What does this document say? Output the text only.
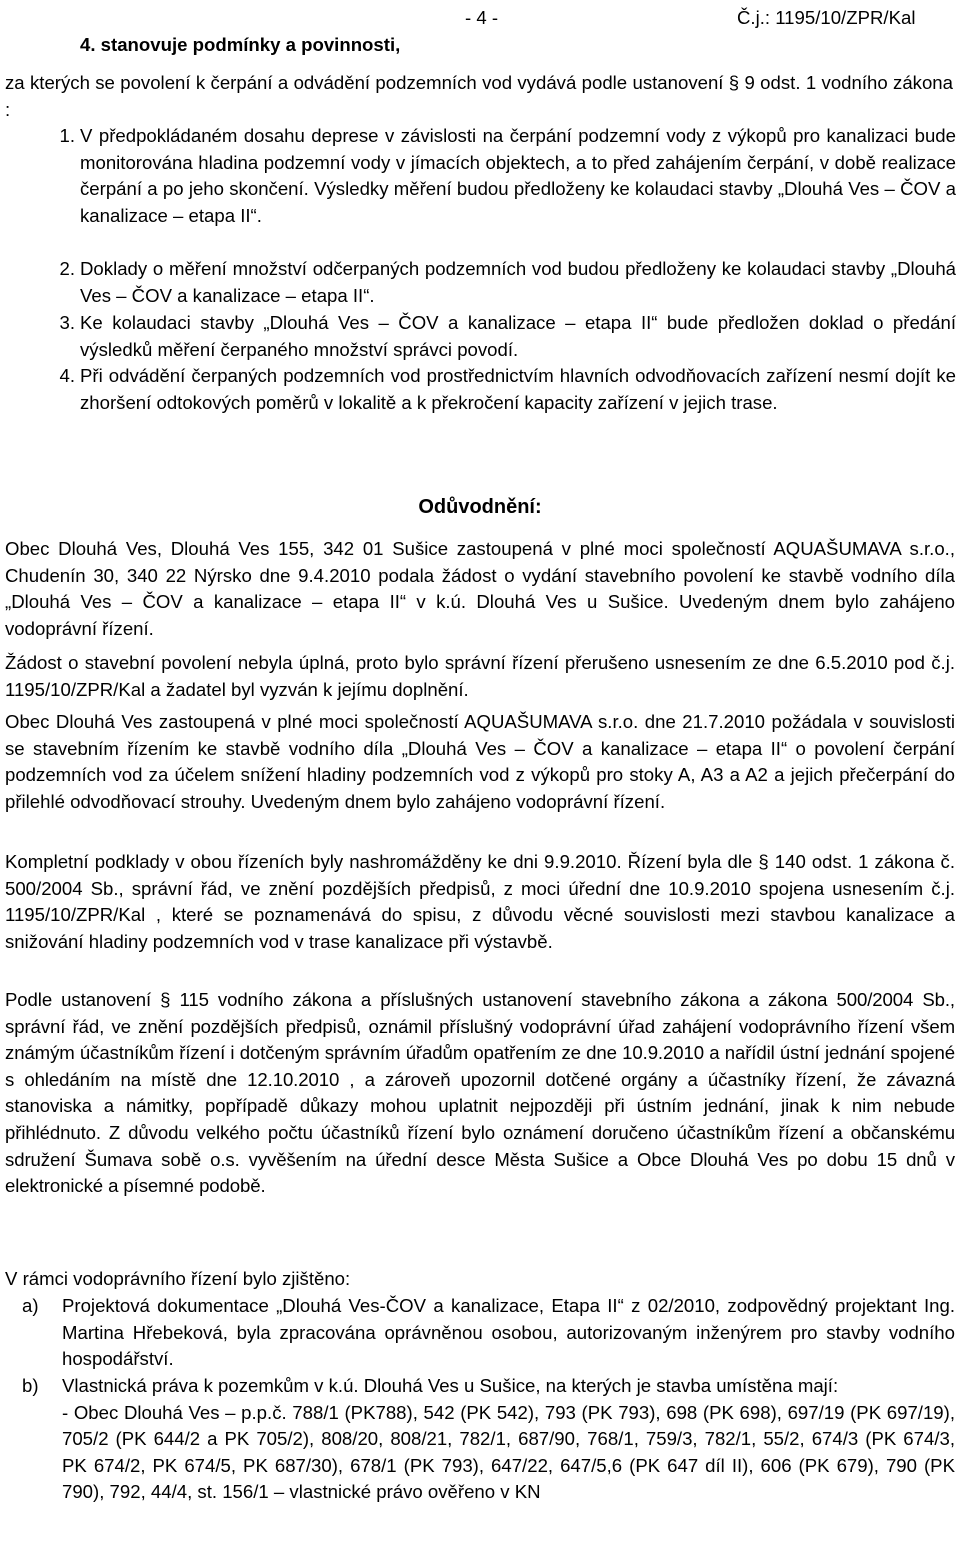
- 4 -	Č.j.: 1195/10/ZPR/Kal
4. stanovuje podmínky a povinnosti,

za kterých se povolení k čerpání a odvádění podzemních vod vydává podle ustanovení § 9 odst. 1 vodního zákona :

1. V předpokládaném dosahu deprese v závislosti na čerpání podzemní vody z výkopů pro kanalizaci bude monitorována hladina podzemní vody v jímacích objektech, a to před zahájením čerpání, v době realizace čerpání a po jeho skončení. Výsledky měření budou předloženy ke kolaudaci stavby „Dlouhá Ves – ČOV a kanalizace – etapa II“.

2. Doklady o měření množství odčerpaných podzemních vod budou předloženy ke kolaudaci stavby „Dlouhá Ves – ČOV a kanalizace – etapa II“.

3. Ke kolaudaci stavby „Dlouhá Ves – ČOV a kanalizace – etapa II“ bude předložen doklad o předání výsledků měření čerpaného množství správci povodí.

4. Při odvádění čerpaných podzemních vod prostřednictvím hlavních odvodňovacích zařízení nesmí dojít ke zhoršení odtokových poměrů v lokalitě a k překročení kapacity zařízení v jejich trase.

Odůvodnění:

Obec Dlouhá Ves, Dlouhá Ves 155, 342 01 Sušice zastoupená v plné moci společností AQUAŠUMAVA s.r.o., Chudenín 30, 340 22 Nýrsko dne 9.4.2010 podala žádost o vydání stavebního povolení ke stavbě vodního díla „Dlouhá Ves – ČOV a kanalizace – etapa II“ v k.ú. Dlouhá Ves u Sušice. Uvedeným dnem bylo zahájeno vodoprávní řízení.

Žádost o stavební povolení nebyla úplná, proto bylo správní řízení přerušeno usnesením ze dne 6.5.2010 pod č.j. 1195/10/ZPR/Kal a žadatel byl vyzván k jejímu doplnění.

Obec Dlouhá Ves zastoupená v plné moci společností AQUAŠUMAVA s.r.o. dne 21.7.2010 požádala v souvislosti se stavebním řízením ke stavbě vodního díla „Dlouhá Ves – ČOV a kanalizace – etapa II“ o povolení čerpání podzemních vod za účelem snížení hladiny podzemních vod z výkopů pro stoky A, A3 a A2 a jejich přečerpání do přilehlé odvodňovací strouhy. Uvedeným dnem bylo zahájeno vodoprávní řízení.

Kompletní podklady v obou řízeních byly nashromážděny ke dni 9.9.2010. Řízení byla dle § 140 odst. 1 zákona č. 500/2004 Sb., správní řád, ve znění pozdějších předpisů, z moci úřední dne 10.9.2010 spojena usnesením č.j. 1195/10/ZPR/Kal , které se poznamenává do spisu, z důvodu věcné souvislosti mezi stavbou kanalizace a snižování hladiny podzemních vod v trase kanalizace při výstavbě.

Podle ustanovení § 115 vodního zákona a příslušných ustanovení stavebního zákona a zákona 500/2004 Sb., správní řád, ve znění pozdějších předpisů, oznámil příslušný vodoprávní úřad zahájení vodoprávního řízení všem známým účastníkům řízení i dotčeným správním úřadům opatřením ze dne 10.9.2010 a nařídil ústní jednání spojené s ohledáním na místě dne 12.10.2010 , a zároveň upozornil dotčené orgány a účastníky řízení, že závazná stanoviska a námitky, popřípadě důkazy mohou uplatnit nejpozději při ústním jednání, jinak k nim nebude přihlédnuto. Z důvodu velkého počtu účastníků řízení bylo oznámení doručeno účastníkům řízení a občanskému sdružení Šumava sobě o.s. vyvěšením na úřední desce Města Sušice a Obce Dlouhá Ves po dobu 15 dnů v elektronické a písemné podobě.

V rámci vodoprávního řízení bylo zjištěno:

a) Projektová dokumentace „Dlouhá Ves-ČOV a kanalizace, Etapa II“ z 02/2010, zodpovědný projektant Ing. Martina Hřebeková, byla zpracována oprávněnou osobou, autorizovaným inženýrem pro stavby vodního hospodářství.

b) Vlastnická práva k pozemkům v k.ú. Dlouhá Ves u Sušice, na kterých je stavba umístěna mají:
- Obec Dlouhá Ves – p.p.č. 788/1 (PK788), 542 (PK 542), 793 (PK 793), 698 (PK 698), 697/19 (PK 697/19), 705/2 (PK 644/2 a PK 705/2), 808/20, 808/21, 782/1, 687/90, 768/1, 759/3, 782/1, 55/2, 674/3 (PK 674/3, PK 674/2, PK 674/5, PK 687/30), 678/1 (PK 793), 647/22, 647/5,6 (PK 647 díl II), 606 (PK 679), 790 (PK 790), 792, 44/4, st. 156/1 – vlastnické právo ověřeno v KN
